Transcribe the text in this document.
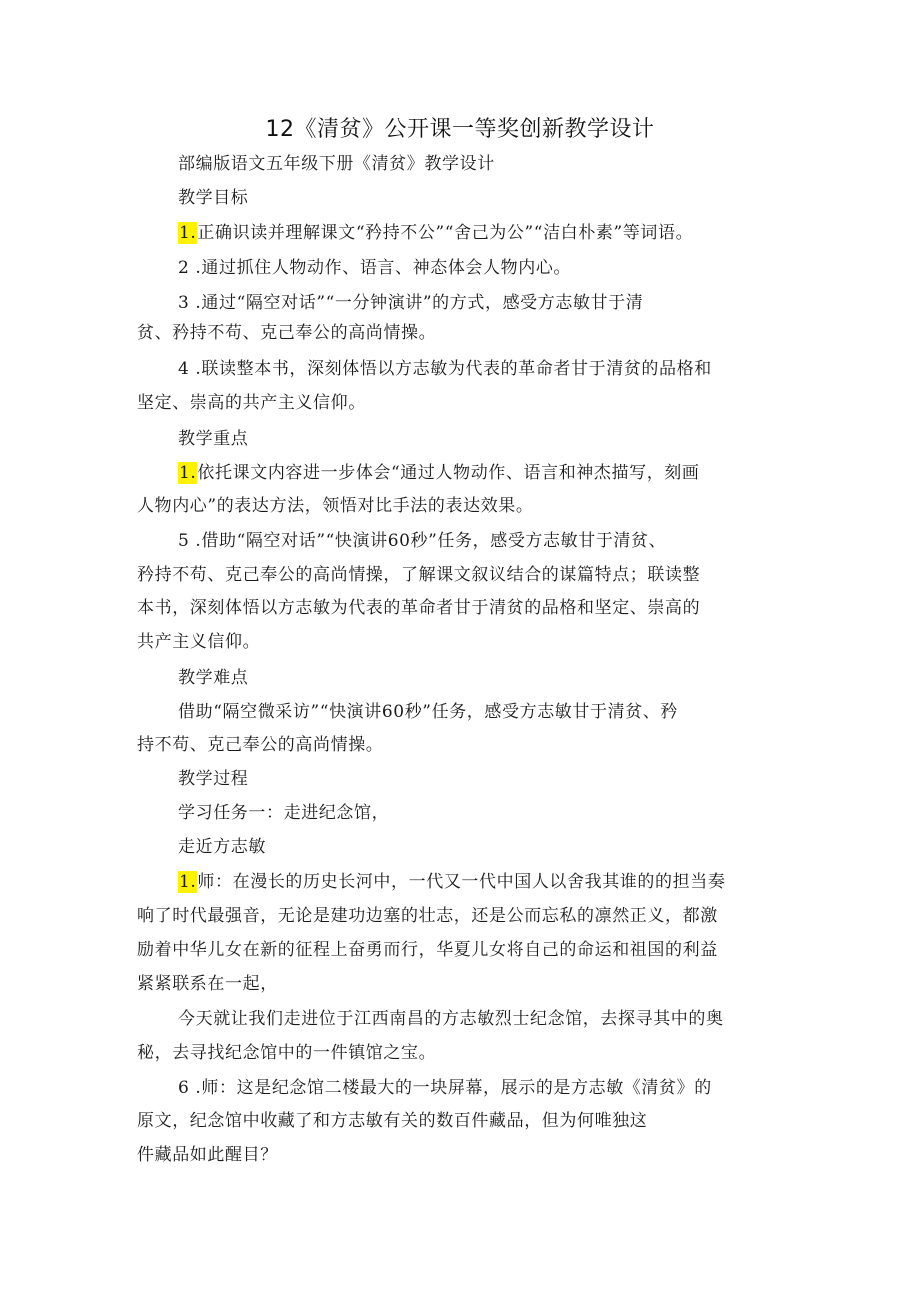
12《清贫》公开课一等奖创新教学设计
部编版语文五年级下册《清贫》教学设计
教学目标
1.正确识读并理解课文“矜持不公”“舍己为公”“洁白朴素”等词语。
2 .通过抓住人物动作、语言、神态体会人物内心。
3 .通过“隔空对话”“一分钟演讲”的方式，感受方志敏甘于清
贫、矜持不苟、克己奉公的高尚情操。
4 .联读整本书，深刻体悟以方志敏为代表的革命者甘于清贫的品格和
坚定、崇高的共产主义信仰。
教学重点
1.依托课文内容进一步体会“通过人物动作、语言和神杰描写，刻画
人物内心”的表达方法，领悟对比手法的表达效果。
5 .借助“隔空对话”“快演讲60秒”任务，感受方志敏甘于清贫、
矜持不苟、克己奉公的高尚情操，了解课文叙议结合的谋篇特点；联读整
本书，深刻体悟以方志敏为代表的革命者甘于清贫的品格和坚定、崇高的
共产主义信仰。
教学难点
借助“隔空微采访”“快演讲60秒”任务，感受方志敏甘于清贫、矜
持不苟、克己奉公的高尚情操。
教学过程
学习任务一：走进纪念馆，
走近方志敏
1.师：在漫长的历史长河中，一代又一代中国人以舍我其谁的的担当奏
响了时代最强音，无论是建功边塞的壮志，还是公而忘私的凛然正义，都激
励着中华儿女在新的征程上奋勇而行，华夏儿女将自己的命运和祖国的利益
紧紧联系在一起，
今天就让我们走进位于江西南昌的方志敏烈士纪念馆，去探寻其中的奥
秘，去寻找纪念馆中的一件镇馆之宝。
6 .师：这是纪念馆二楼最大的一块屏幕，展示的是方志敏《清贫》的
原文，纪念馆中收藏了和方志敏有关的数百件藏品，但为何唯独这
件藏品如此醒目？
